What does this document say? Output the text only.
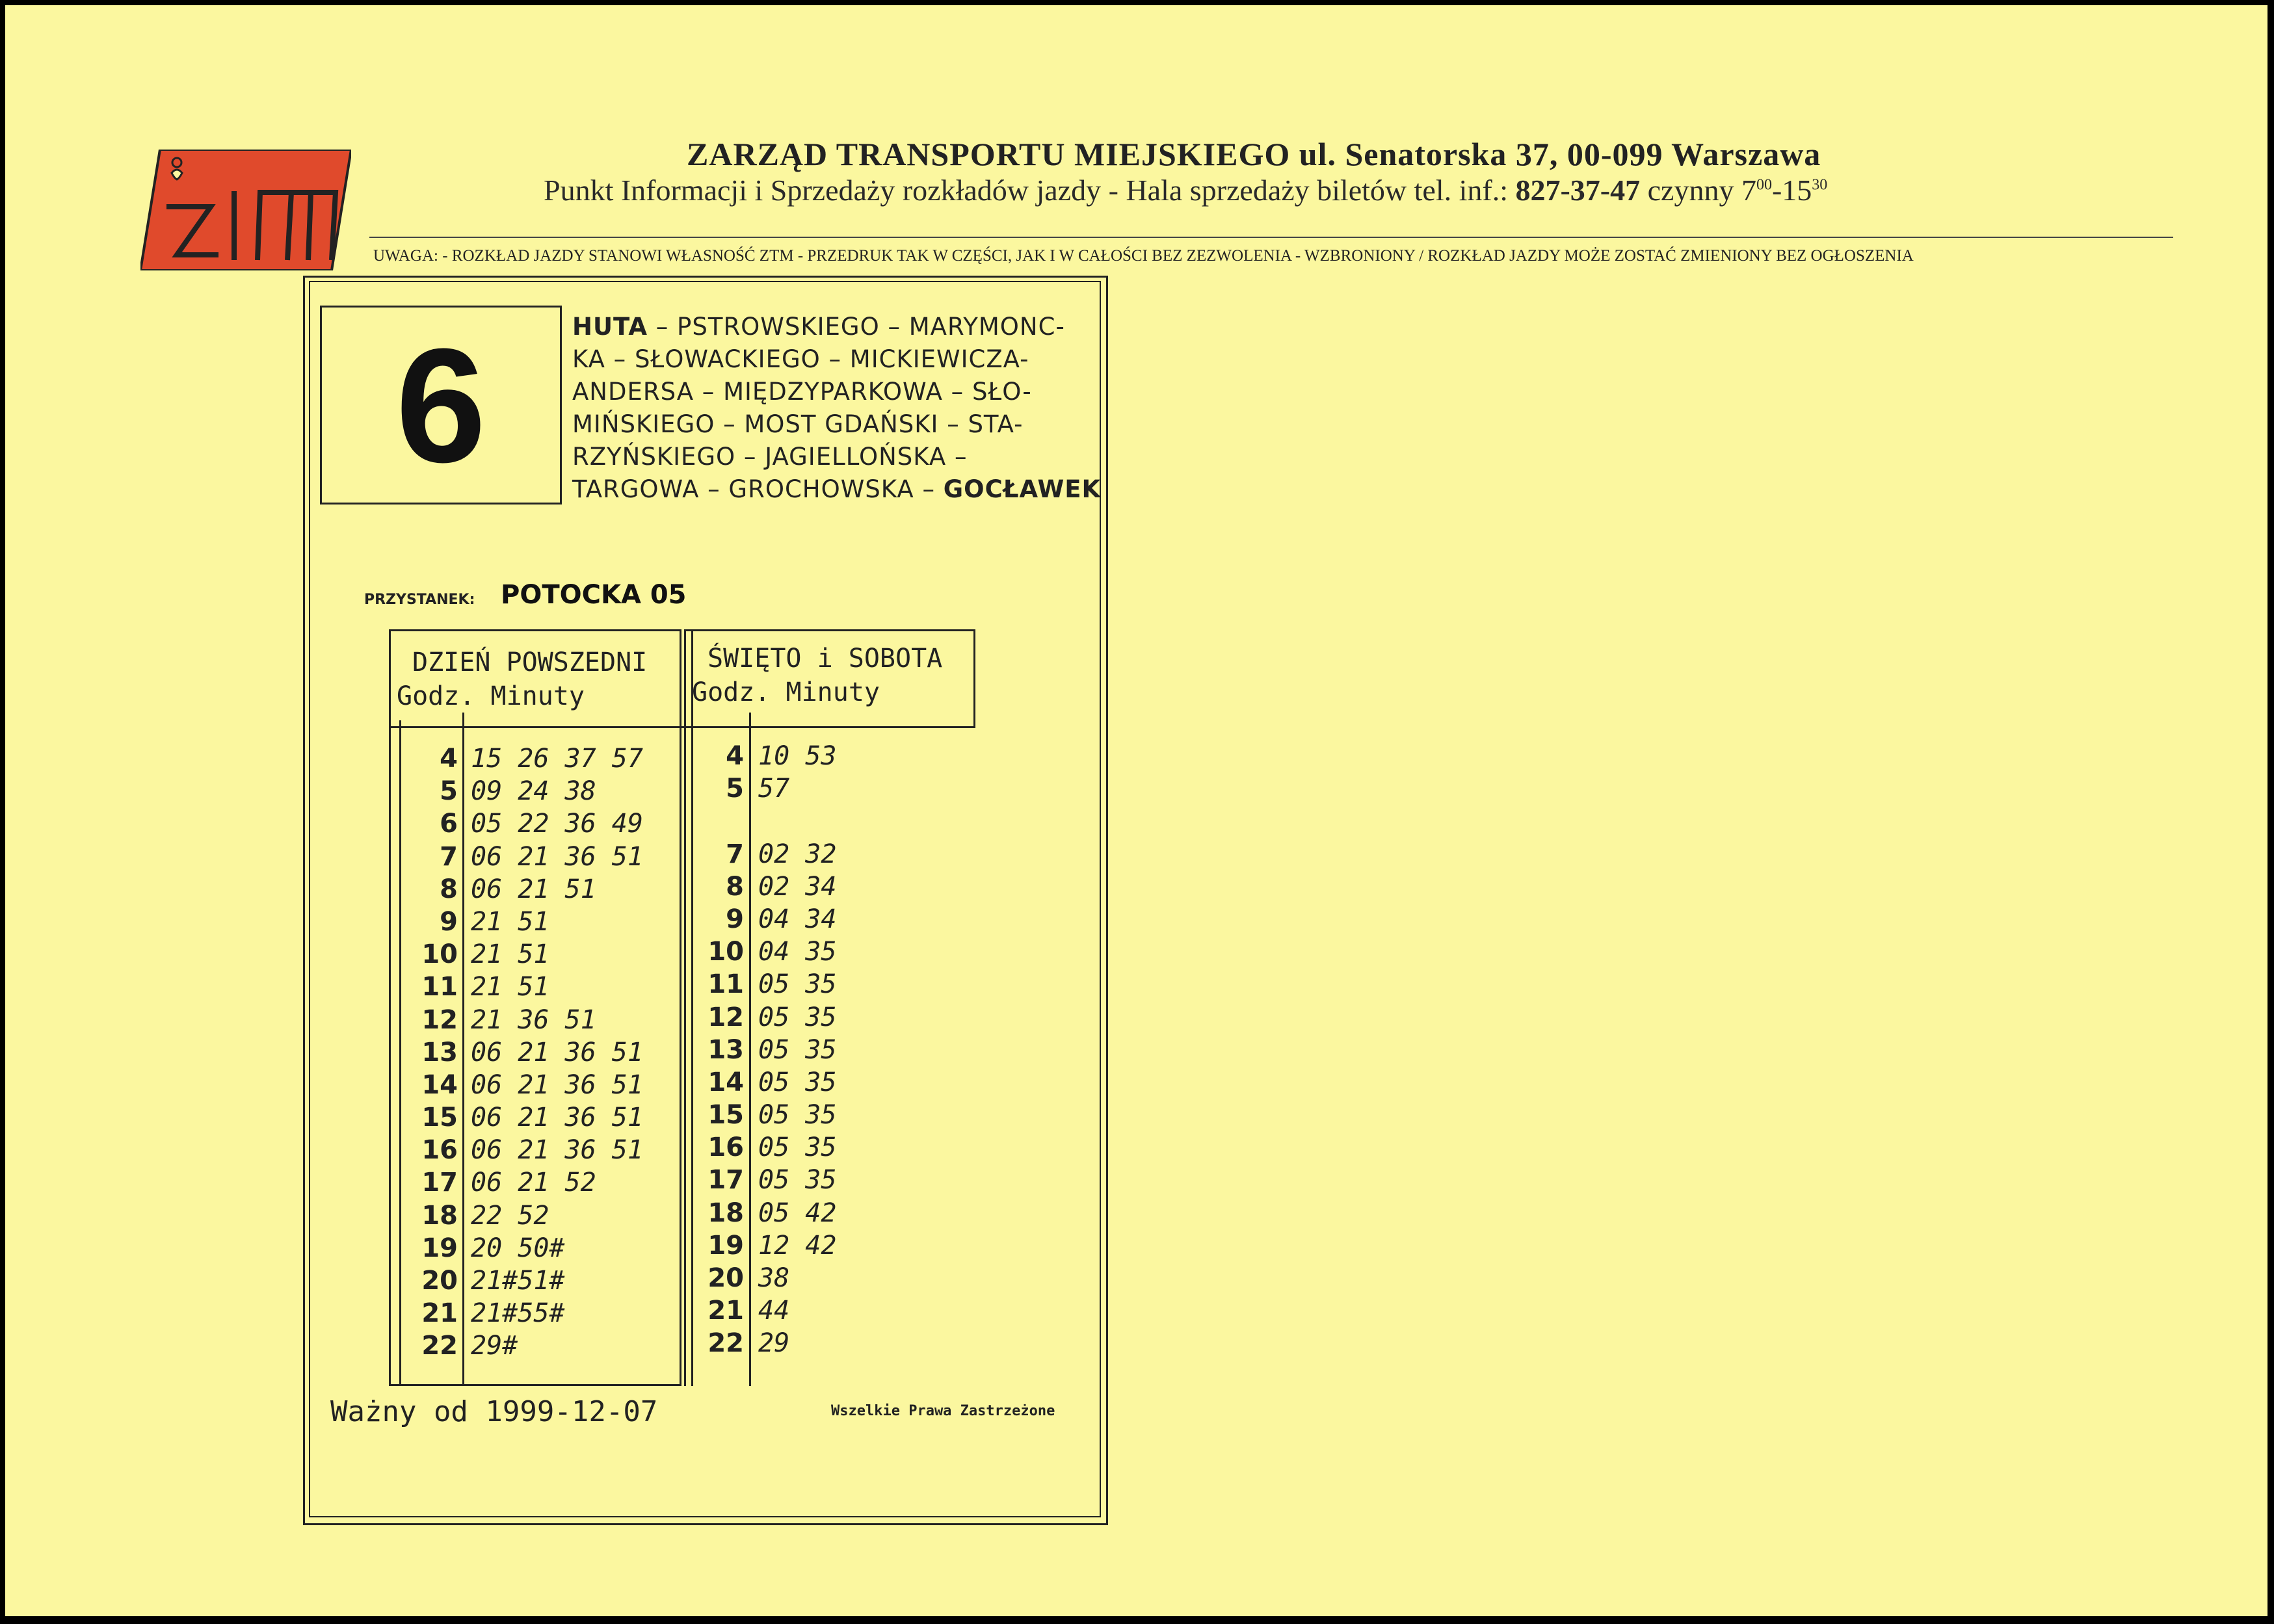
ZARZĄD TRANSPORTU MIEJSKIEGO ul. Senatorska 37, 00-099 Warszawa
Punkt Informacji i Sprzedaży rozkładów jazdy - Hala sprzedaży biletów tel. inf.: 827-37-47 czynny $7^{00}-15^{30}$
UWAGA: - ROZKŁAD JAZDY STANOWI WŁASNOŚĆ ZTM - PRZEDRUK TAK W CZĘŚCI, JAK I W CAŁOŚCI BEZ ZEZWOLENIA - WZBRONIONY / ROZKŁAD JAZDY MOŻE ZOSTAĆ ZMIENIONY BEZ OGŁOSZENIA
6	HUTA – PSTROWSKIEGO – MARYMONC-
KA – SŁOWACKIEGO – MICKIEWICZA-
ANDERSA – MIĘDZYPARKOWA – SŁO-
MIŃSKIEGO – MOST GDAŃSKI – STA-
RZYŃSKIEGO – JAGIELLOŃSKA –
TARGOWA – GROCHOWSKA – GOCŁAWEK
PRZYSTANEK: POTOCKA 05
DZIEŃ POWSZEDNI
Godz. Minuty
ŚWIĘTO i SOBOTA
Godz. Minuty
4 15 26 37 57
5 09 24 38
6 05 22 36 49
7 06 21 36 51
8 06 21 51
9 21 51
10 21 51
11 21 51
12 21 36 51
13 06 21 36 51
14 06 21 36 51
15 06 21 36 51
16 06 21 36 51
17 06 21 52
18 22 52
19 20 50#
20 21#51#
21 21#55#
22 29#
4 10 53
5 57
7 02 32
8 02 34
9 04 34
10 04 35
11 05 35
12 05 35
13 05 35
14 05 35
15 05 35
16 05 35
17 05 35
18 05 42
19 12 42
20 38
21 44
22 29
Ważny od 1999-12-07	Wszelkie Prawa Zastrzeżone
